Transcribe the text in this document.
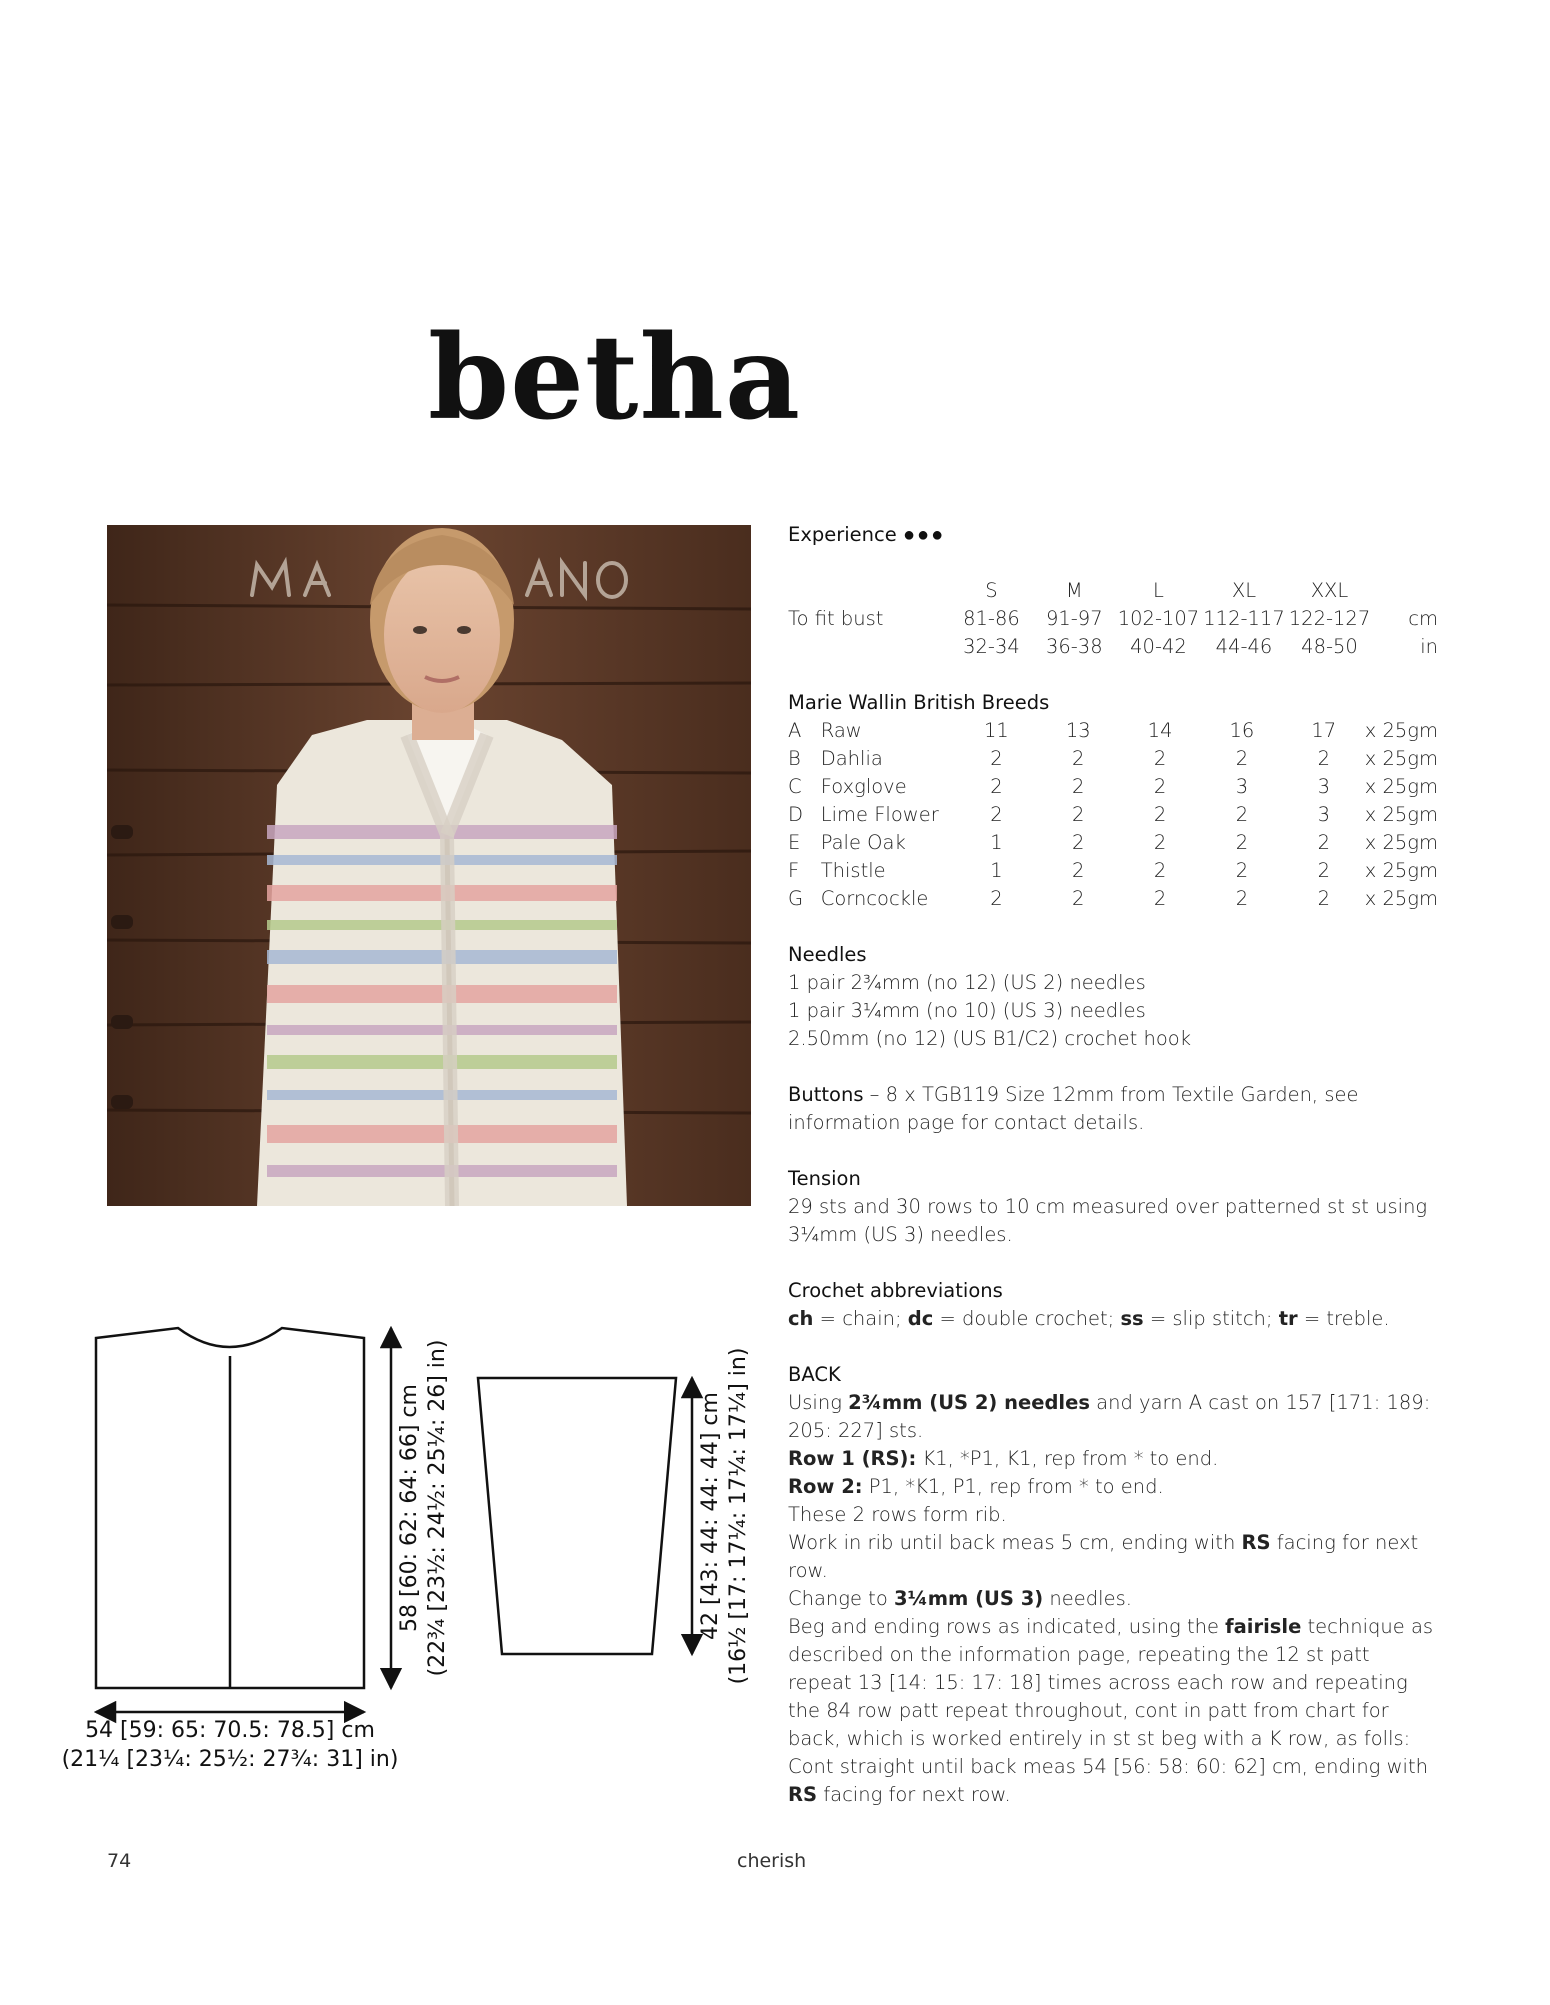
betha
Experience ●●●
		S	M	L	XL	XXL	
To fit bust		81-86	91-97	102-107	112-117	122-127	cm
		32-34	36-38	40-42	44-46	48-50	in
Marie Wallin British Breeds
A	Raw	11	13	14	16	17	x 25gm
B	Dahlia	2	2	2	2	2	x 25gm
C	Foxglove	2	2	2	3	3	x 25gm
D	Lime Flower	2	2	2	2	3	x 25gm
E	Pale Oak	1	2	2	2	2	x 25gm
F	Thistle	1	2	2	2	2	x 25gm
G	Corncockle	2	2	2	2	2	x 25gm
Needles
1 pair 2¾mm (no 12) (US 2) needles
1 pair 3¼mm (no 10) (US 3) needles
2.50mm (no 12) (US B1/C2) crochet hook
Buttons – 8 x TGB119 Size 12mm from Textile Garden, see information page for contact details.
Tension
29 sts and 30 rows to 10 cm measured over patterned st st using 3¼mm (US 3) needles.
Crochet abbreviations
ch = chain; dc = double crochet; ss = slip stitch; tr = treble.
BACK
Using 2¾mm (US 2) needles and yarn A cast on 157 [171: 189: 205: 227] sts.
Row 1 (RS): K1, *P1, K1, rep from * to end.
Row 2: P1, *K1, P1, rep from * to end.
These 2 rows form rib.
Work in rib until back meas 5 cm, ending with RS facing for next row.
Change to 3¼mm (US 3) needles.
Beg and ending rows as indicated, using the fairisle technique as described on the information page, repeating the 12 st patt repeat 13 [14: 15: 17: 18] times across each row and repeating the 84 row patt repeat throughout, cont in patt from chart for back, which is worked entirely in st st beg with a K row, as folls:
Cont straight until back meas 54 [56: 58: 60: 62] cm, ending with RS facing for next row.
58 [60: 62: 64: 66] cm (22¾ [23½: 24½: 25¼: 26] in)	42 [43: 44: 44: 44] cm (16½ [17: 17¼: 17¼: 17¼] in)
54 [59: 65: 70.5: 78.5] cm
(21¼ [23¼: 25½: 27¾: 31] in)
74	cherish
